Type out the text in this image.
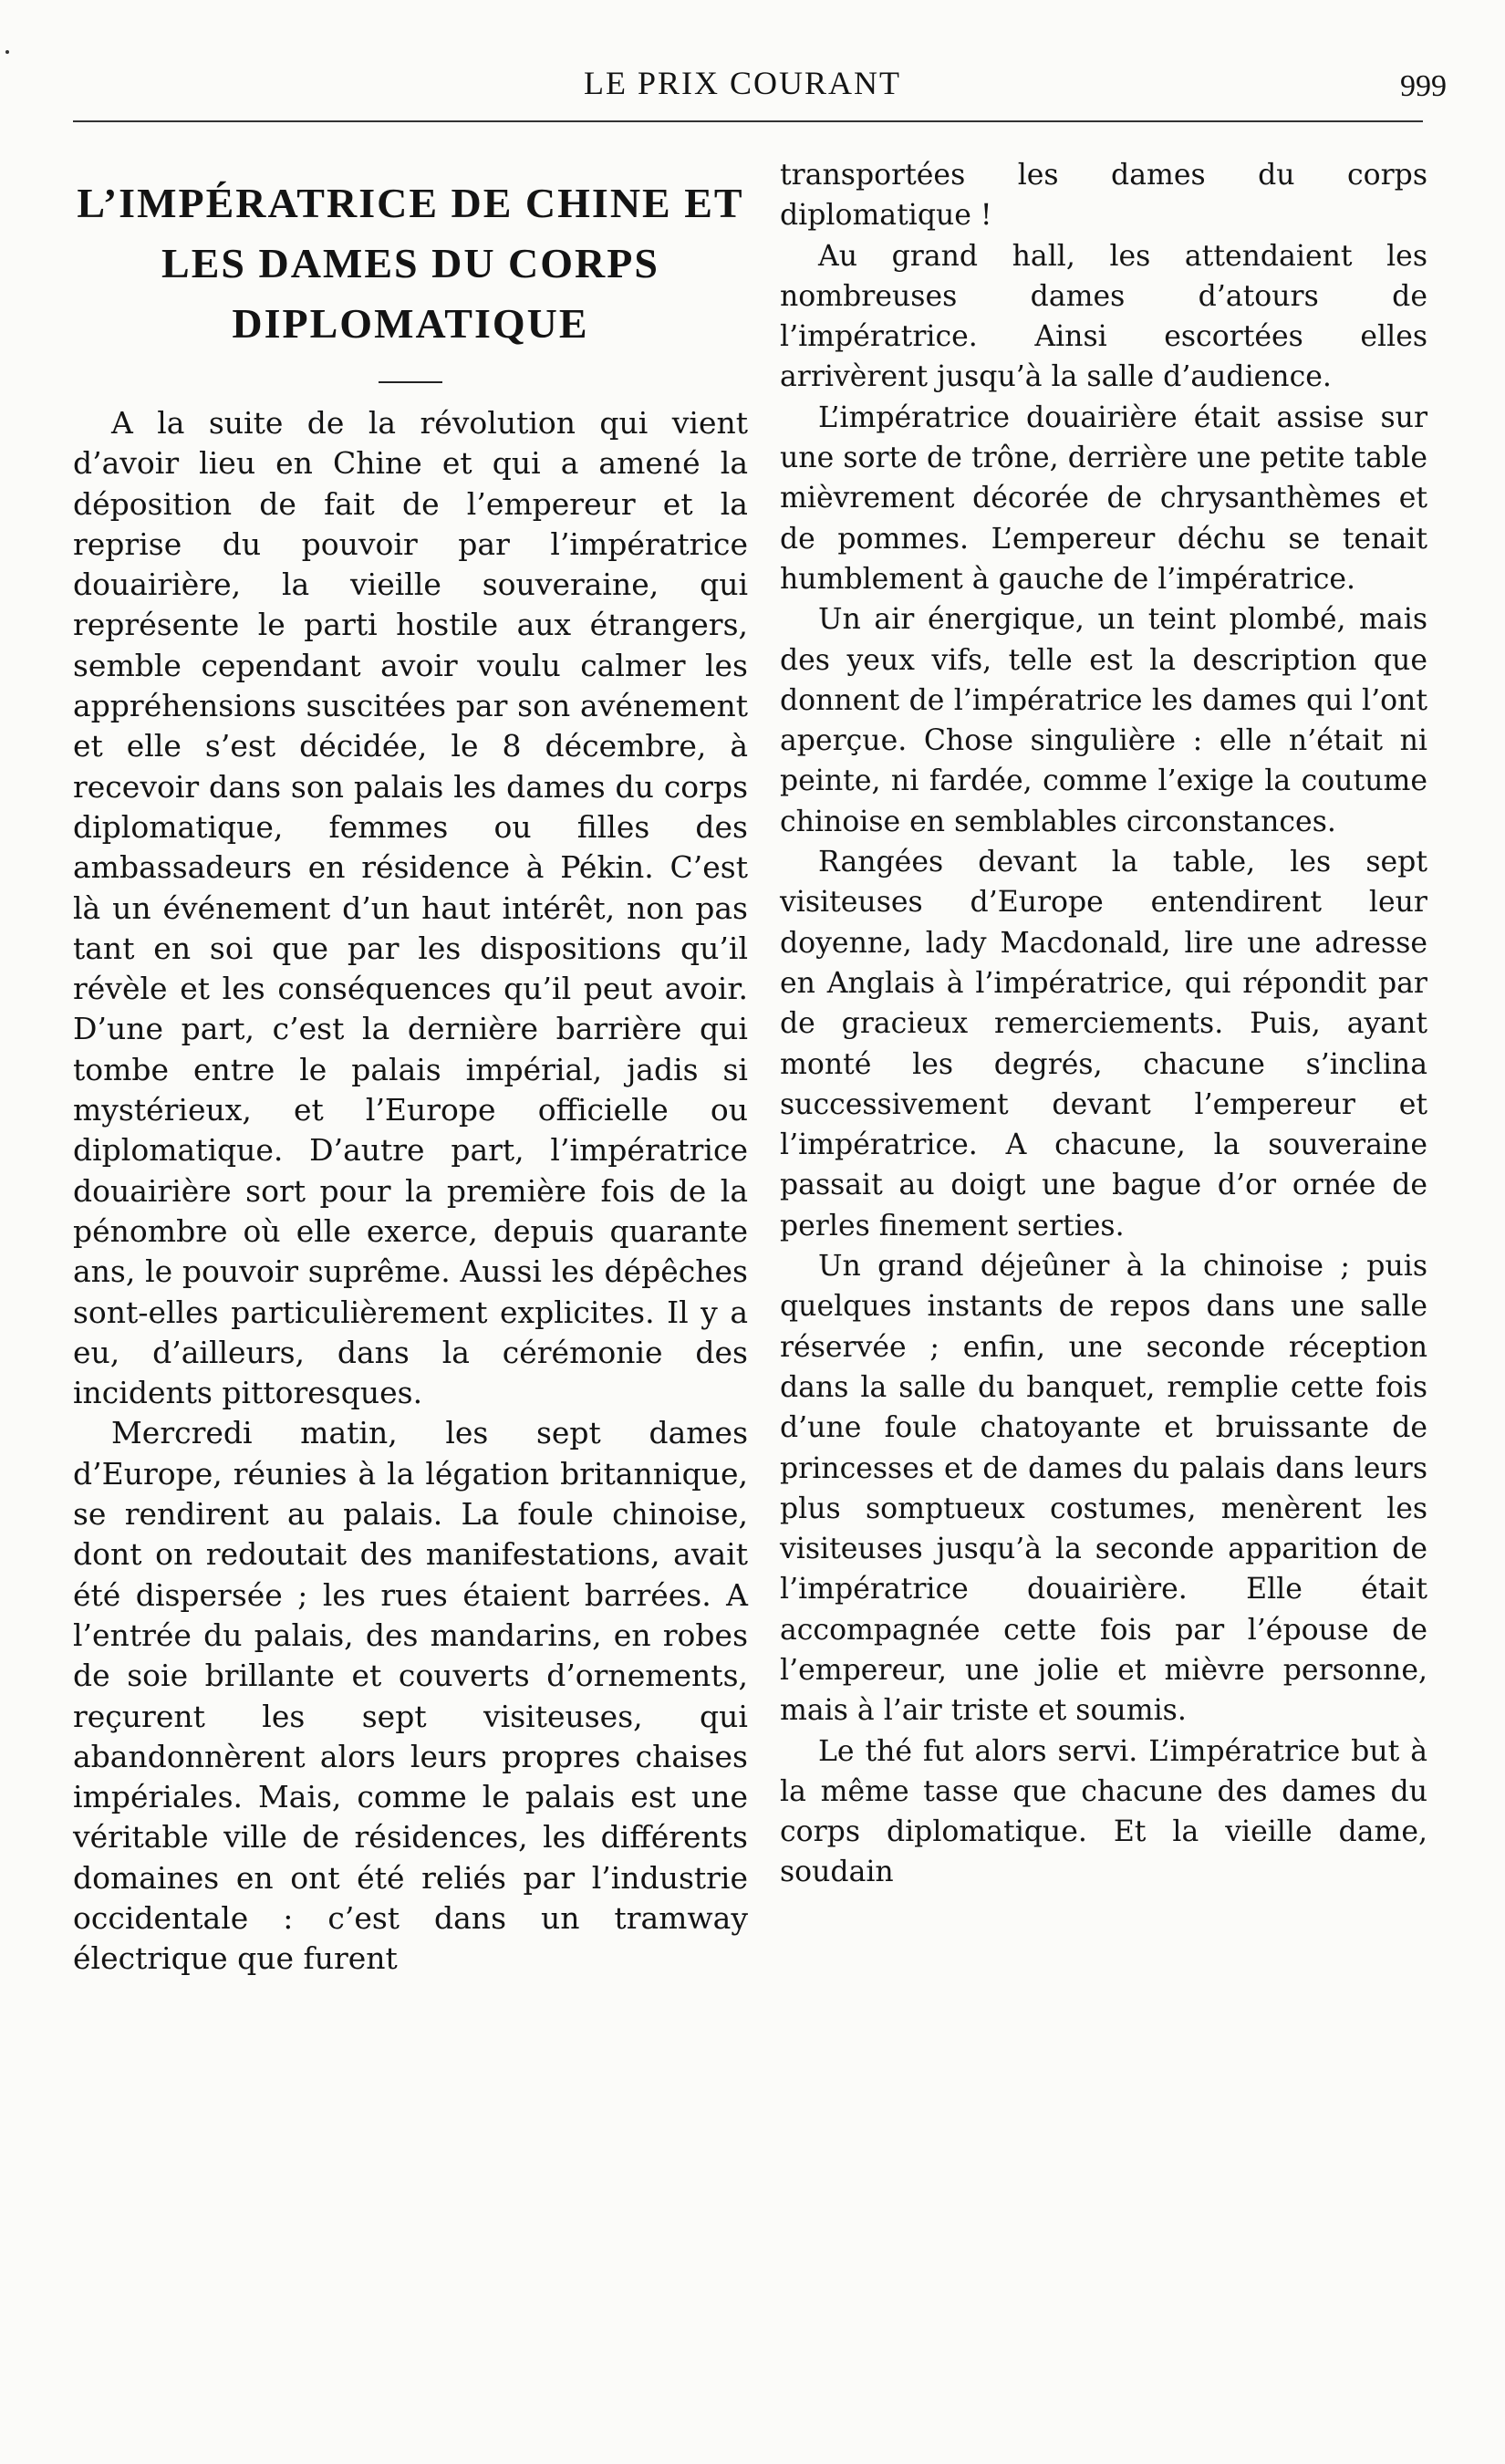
LE PRIX COURANT	999
L’IMPÉRATRICE DE CHINE ET
LES DAMES DU CORPS
DIPLOMATIQUE

A la suite de la révolution qui vient d’avoir lieu en Chine et qui a amené la déposition de fait de l’empereur et la reprise du pouvoir par l’impératrice douairière, la vieille souveraine, qui représente le parti hostile aux étrangers, semble cependant avoir voulu calmer les appréhensions suscitées par son avénement et elle s’est décidée, le 8 décembre, à recevoir dans son palais les dames du corps diplomatique, femmes ou filles des ambassadeurs en résidence à Pékin. C’est là un événement d’un haut intérêt, non pas tant en soi que par les dispositions qu’il révèle et les conséquences qu’il peut avoir. D’une part, c’est la dernière barrière qui tombe entre le palais impérial, jadis si mystérieux, et l’Europe officielle ou diplomatique. D’autre part, l’impératrice douairière sort pour la première fois de la pénombre où elle exerce, depuis quarante ans, le pouvoir suprême. Aussi les dépêches sont-elles particulièrement explicites. Il y a eu, d’ailleurs, dans la cérémonie des incidents pittoresques.

Mercredi matin, les sept dames d’Europe, réunies à la légation britannique, se rendirent au palais. La foule chinoise, dont on redoutait des manifestations, avait été dispersée ; les rues étaient barrées. A l’entrée du palais, des mandarins, en robes de soie brillante et couverts d’ornements, reçurent les sept visiteuses, qui abandonnèrent alors leurs propres chaises impériales. Mais, comme le palais est une véritable ville de résidences, les différents domaines en ont été reliés par l’industrie occidentale : c’est dans un tramway électrique que furent

transportées les dames du corps diplomatique !

Au grand hall, les attendaient les nombreuses dames d’atours de l’impératrice. Ainsi escortées elles arrivèrent jusqu’à la salle d’audience.

L’impératrice douairière était assise sur une sorte de trône, derrière une petite table mièvrement décorée de chrysanthèmes et de pommes. L’empereur déchu se tenait humblement à gauche de l’impératrice.

Un air énergique, un teint plombé, mais des yeux vifs, telle est la description que donnent de l’impératrice les dames qui l’ont aperçue. Chose singulière : elle n’était ni peinte, ni fardée, comme l’exige la coutume chinoise en semblables circonstances.

Rangées devant la table, les sept visiteuses d’Europe entendirent leur doyenne, lady Macdonald, lire une adresse en Anglais à l’impératrice, qui répondit par de gracieux remerciements. Puis, ayant monté les degrés, chacune s’inclina successivement devant l’empereur et l’impératrice. A chacune, la souveraine passait au doigt une bague d’or ornée de perles finement serties.

Un grand déjeûner à la chinoise ; puis quelques instants de repos dans une salle réservée ; enfin, une seconde réception dans la salle du banquet, remplie cette fois d’une foule chatoyante et bruissante de princesses et de dames du palais dans leurs plus somptueux costumes, menèrent les visiteuses jusqu’à la seconde apparition de l’impératrice douairière. Elle était accompagnée cette fois par l’épouse de l’empereur, une jolie et mièvre personne, mais à l’air triste et soumis.

Le thé fut alors servi. L’impératrice but à la même tasse que chacune des dames du corps diplomatique. Et la vieille dame, soudain
